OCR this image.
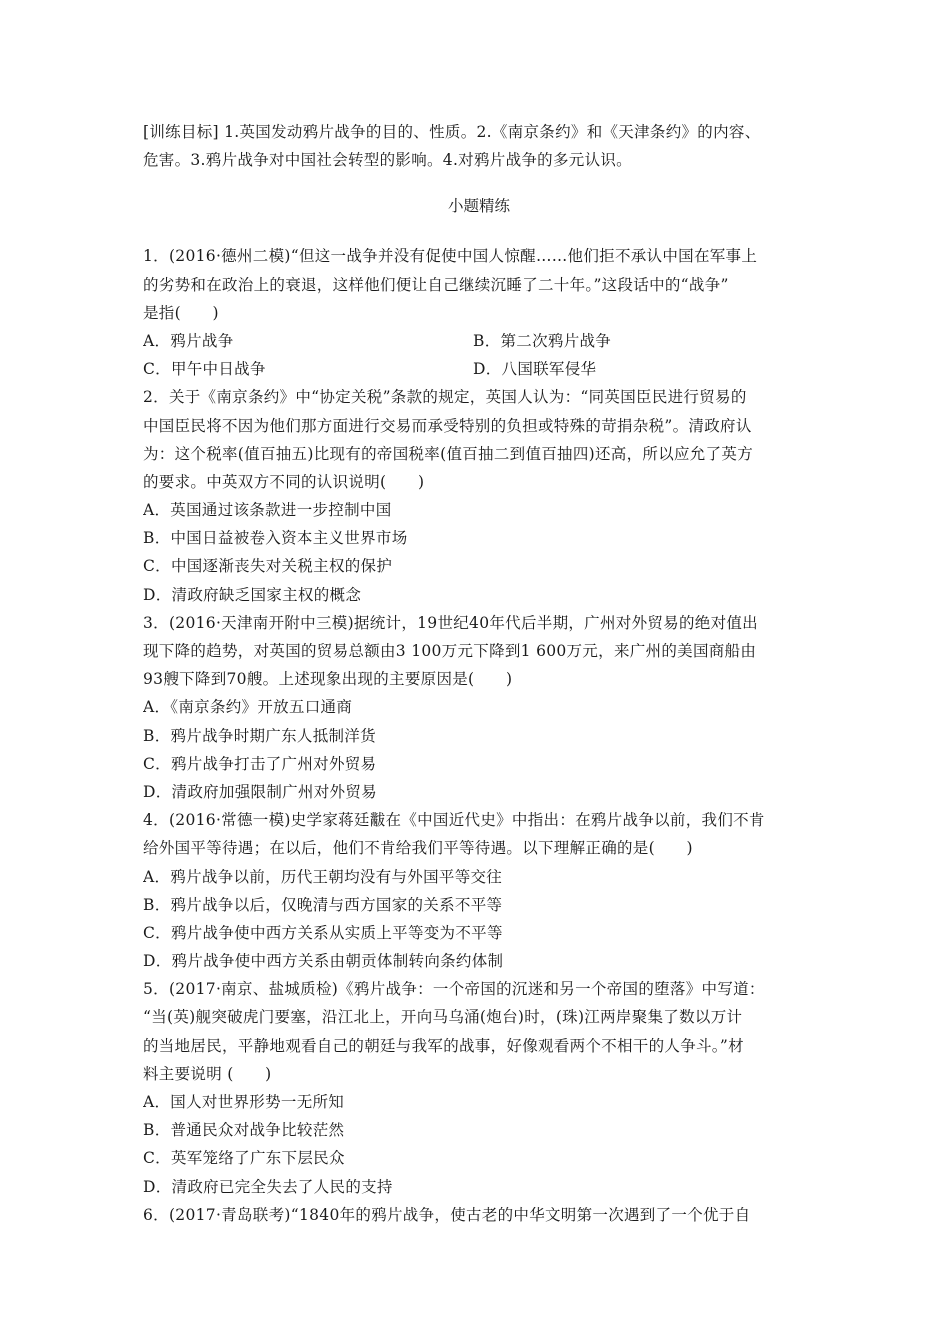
[训练目标] 1.英国发动鸦片战争的目的、性质。2.《南京条约》和《天津条约》的内容、
危害。3.鸦片战争对中国社会转型的影响。4.对鸦片战争的多元认识。
小题精练
1．(2016·德州二模)“但这一战争并没有促使中国人惊醒……他们拒不承认中国在军事上
的劣势和在政治上的衰退，这样他们便让自己继续沉睡了二十年。”这段话中的“战争”
是指(　　)
A．鸦片战争	B．第二次鸦片战争
C．甲午中日战争	D．八国联军侵华
2．关于《南京条约》中“协定关税”条款的规定，英国人认为：“同英国臣民进行贸易的
中国臣民将不因为他们那方面进行交易而承受特别的负担或特殊的苛捐杂税”。清政府认
为：这个税率(值百抽五)比现有的帝国税率(值百抽二到值百抽四)还高，所以应允了英方
的要求。中英双方不同的认识说明(　　)
A．英国通过该条款进一步控制中国
B．中国日益被卷入资本主义世界市场
C．中国逐渐丧失对关税主权的保护
D．清政府缺乏国家主权的概念
3．(2016·天津南开附中三模)据统计，19世纪40年代后半期，广州对外贸易的绝对值出
现下降的趋势，对英国的贸易总额由3 100万元下降到1 600万元，来广州的美国商船由
93艘下降到70艘。上述现象出现的主要原因是(　　)
A．《南京条约》开放五口通商
B．鸦片战争时期广东人抵制洋货
C．鸦片战争打击了广州对外贸易
D．清政府加强限制广州对外贸易
4．(2016·常德一模)史学家蒋廷黻在《中国近代史》中指出：在鸦片战争以前，我们不肯
给外国平等待遇；在以后，他们不肯给我们平等待遇。以下理解正确的是(　　)
A．鸦片战争以前，历代王朝均没有与外国平等交往
B．鸦片战争以后，仅晚清与西方国家的关系不平等
C．鸦片战争使中西方关系从实质上平等变为不平等
D．鸦片战争使中西方关系由朝贡体制转向条约体制
5．(2017·南京、盐城质检)《鸦片战争：一个帝国的沉迷和另一个帝国的堕落》中写道：
“当(英)舰突破虎门要塞，沿江北上，开向马乌涌(炮台)时，(珠)江两岸聚集了数以万计
的当地居民，平静地观看自己的朝廷与我军的战事，好像观看两个不相干的人争斗。”材
料主要说明 (　　)
A．国人对世界形势一无所知
B．普通民众对战争比较茫然
C．英军笼络了广东下层民众
D．清政府已完全失去了人民的支持
6．(2017·青岛联考)“1840年的鸦片战争，使古老的中华文明第一次遇到了一个优于自
